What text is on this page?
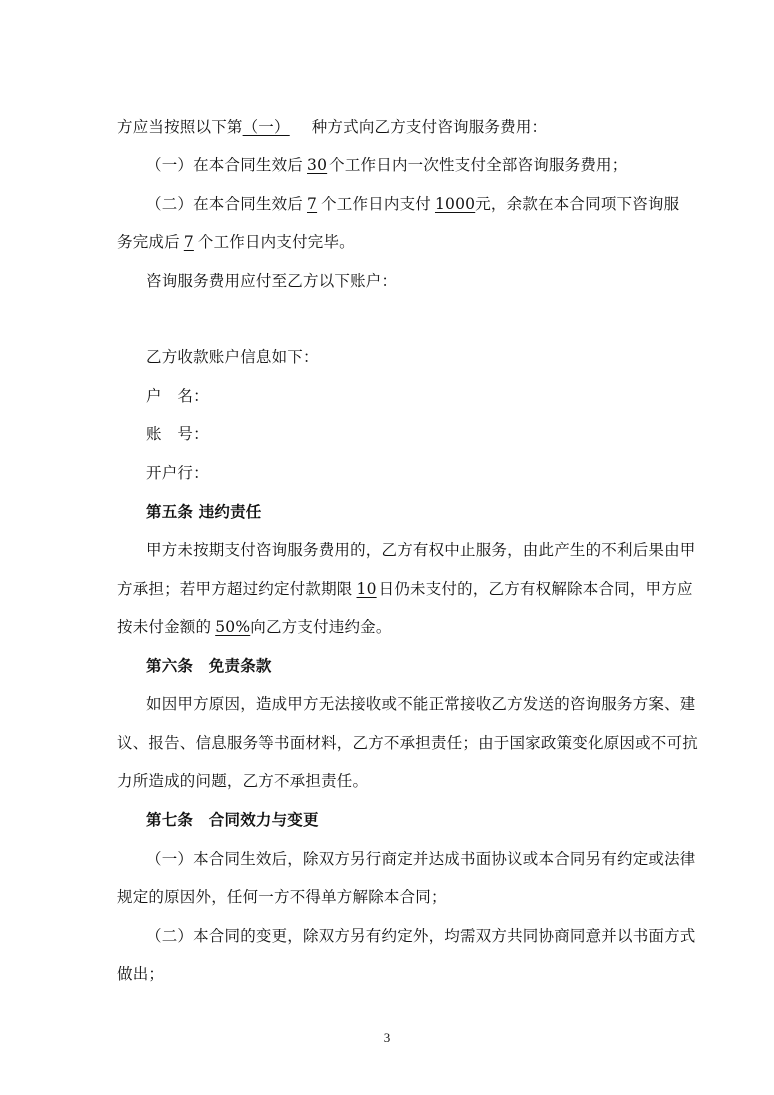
方应当按照以下第（一） 种方式向乙方支付咨询服务费用：
（一）在本合同生效后 30 个工作日内一次性支付全部咨询服务费用；
（二）在本合同生效后 7 个工作日内支付 1000元，余款在本合同项下咨询服
务完成后 7 个工作日内支付完毕。
咨询服务费用应付至乙方以下账户：
乙方收款账户信息如下：
户　名：
账　号：
开户行：
第五条 违约责任
甲方未按期支付咨询服务费用的，乙方有权中止服务，由此产生的不利后果由甲
方承担；若甲方超过约定付款期限 10 日仍未支付的，乙方有权解除本合同，甲方应
按未付金额的 50%向乙方支付违约金。
第六条　免责条款
如因甲方原因，造成甲方无法接收或不能正常接收乙方发送的咨询服务方案、建
议、报告、信息服务等书面材料，乙方不承担责任；由于国家政策变化原因或不可抗
力所造成的问题，乙方不承担责任。
第七条　合同效力与变更
（一）本合同生效后，除双方另行商定并达成书面协议或本合同另有约定或法律
规定的原因外，任何一方不得单方解除本合同；
（二）本合同的变更，除双方另有约定外，均需双方共同协商同意并以书面方式
做出；
3
